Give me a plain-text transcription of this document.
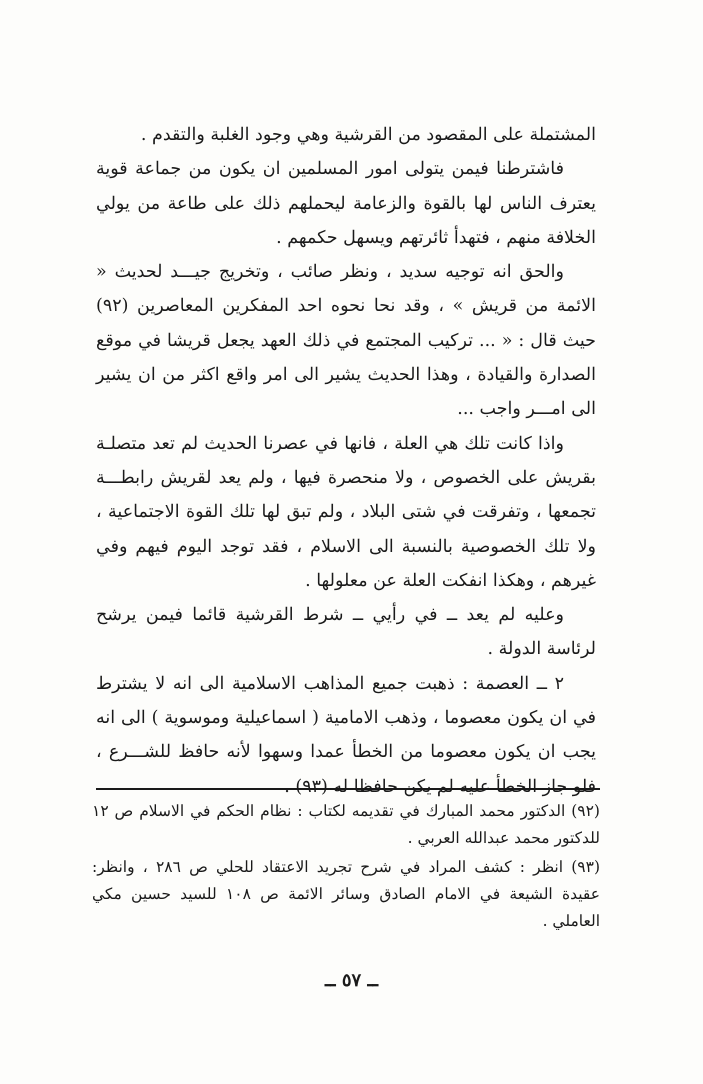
المشتملة على المقصود من القرشية وهي وجود الغلبة والتقدم .

فاشترطنا فيمن يتولى امور المسلمين ان يكون من جماعة قوية يعترف الناس لها بالقوة والزعامة ليحملهم ذلك على طاعة من يولي الخلافة منهم ، فتهدأ ثائرتهم ويسهل حكمهم .

والحق انه توجيه سديد ، ونظر صائب ، وتخريج جيـــد لحديث « الائمة من قريش » ، وقد نحا نحوه احد المفكرين المعاصرين (٩٢) حيث قال : « ... تركيب المجتمع في ذلك العهد يجعل قريشا في موقع الصدارة والقيادة ، وهذا الحديث يشير الى امر واقع اكثر من ان يشير الى امـــر واجب ...

واذا كانت تلك هي العلة ، فانها في عصرنا الحديث لم تعد متصلـة بقريش على الخصوص ، ولا منحصرة فيها ، ولم يعد لقريش رابطـــة تجمعها ، وتفرقت في شتى البلاد ، ولم تبق لها تلك القوة الاجتماعية ، ولا تلك الخصوصية بالنسبة الى الاسلام ، فقد توجد اليوم فيهم وفي غيرهم ، وهكذا انفكت العلة عن معلولها .

وعليه لم يعد ــ في رأيي ــ شرط القرشية قائما فيمن يرشح لرئاسة الدولة .

٢ ــ العصمة : ذهبت جميع المذاهب الاسلامية الى انه لا يشترط في ان يكون معصوما ، وذهب الامامية ( اسماعيلية وموسوية ) الى انه يجب ان يكون معصوما من الخطأ عمدا وسهوا لأنه حافظ للشـــرع ، فلو جاز الخطأ عليه لم يكن حافظا له (٩٣) .

(٩٢) الدكتور محمد المبارك في تقديمه لكتاب : نظام الحكم في الاسلام ص ١٢ للدكتور محمد عبدالله العربي .

(٩٣) انظر : كشف المراد في شرح تجريد الاعتقاد للحلي ص ٢٨٦ ، وانظر: عقيدة الشيعة في الامام الصادق وسائر الائمة ص ١٠٨ للسيد حسين مكي العاملي .

ــ ٥٧ ــ
